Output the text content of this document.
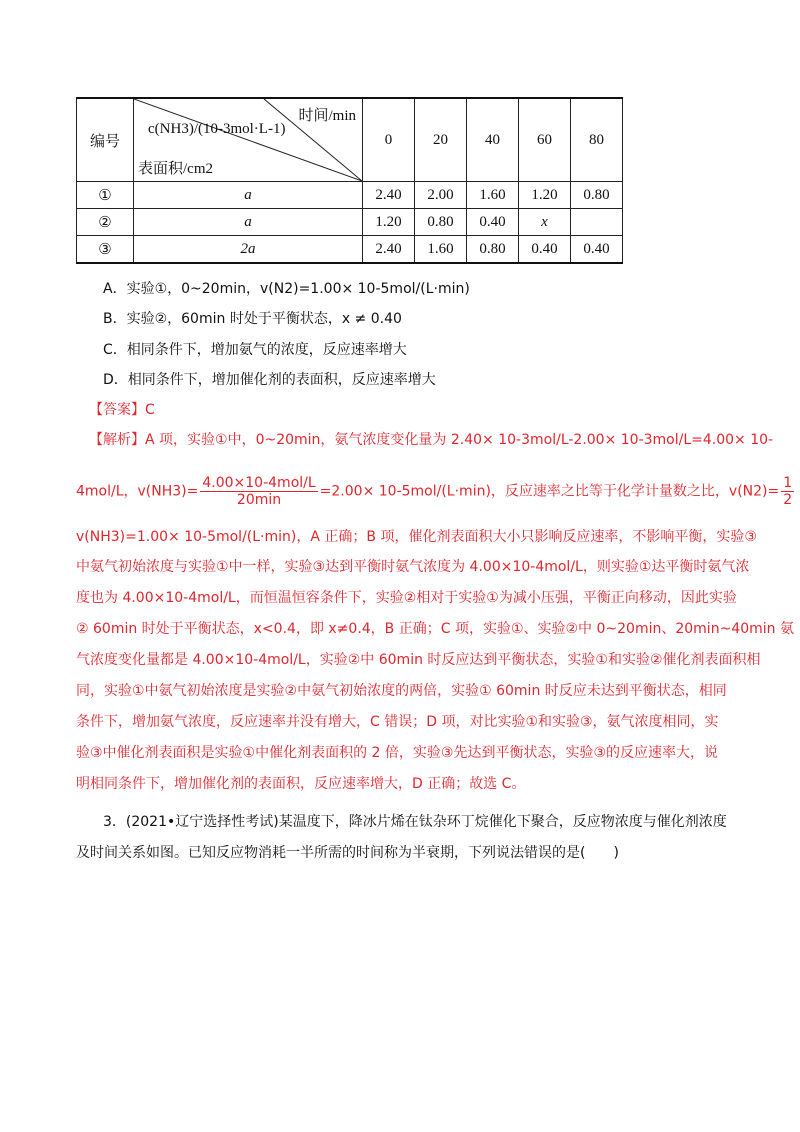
编号	时间/min
c(NH3)/(10-3mol·L-1)
表面积/cm2	0	20	40	60	80
①	a	2.40	2.00	1.60	1.20	0.80
②	a	1.20	0.80	0.40	x	
③	2a	2.40	1.60	0.80	0.40	0.40
A．实验①，0~20min，v(N2)=1.00× 10-5mol/(L·min)
B．实验②，60min 时处于平衡状态，x ≠ 0.40
C．相同条件下，增加氨气的浓度，反应速率增大
D．相同条件下，增加催化剂的表面积，反应速率增大
【答案】C
【解析】A 项，实验①中，0~20min，氨气浓度变化量为 2.40× 10-3mol/L-2.00× 10-3mol/L=4.00× 10-
4mol/L，$v(NH3)= \frac{\text{4.00×10-4mol/L}}{20\min} =2.00\times 10-5mol/(L\cdot\min)$，反应速率之比等于化学计量数之比，$v(N2)= \frac{1}{2}$
v(NH3)=1.00× 10-5mol/(L·min)，A 正确；B 项，催化剂表面积大小只影响反应速率，不影响平衡，实验③
中氨气初始浓度与实验①中一样，实验③达到平衡时氨气浓度为 4.00×10-4mol/L，则实验①达平衡时氨气浓
度也为 4.00×10-4mol/L，而恒温恒容条件下，实验②相对于实验①为减小压强，平衡正向移动，因此实验
② 60min 时处于平衡状态，x<0.4，即 x≠0.4，B 正确；C 项，实验①、实验②中 0~20min、20min~40min 氨
气浓度变化量都是 4.00×10-4mol/L，实验②中 60min 时反应达到平衡状态，实验①和实验②催化剂表面积相
同，实验①中氨气初始浓度是实验②中氨气初始浓度的两倍，实验① 60min 时反应未达到平衡状态，相同
条件下，增加氨气浓度，反应速率并没有增大，C 错误；D 项，对比实验①和实验③，氨气浓度相同，实
验③中催化剂表面积是实验①中催化剂表面积的 2 倍，实验③先达到平衡状态，实验③的反应速率大，说
明相同条件下，增加催化剂的表面积，反应速率增大，D 正确；故选 C。
3．(2021•辽宁选择性考试)某温度下，降冰片烯在钛杂环丁烷催化下聚合，反应物浓度与催化剂浓度
及时间关系如图。已知反应物消耗一半所需的时间称为半衰期，下列说法错误的是(　　)
